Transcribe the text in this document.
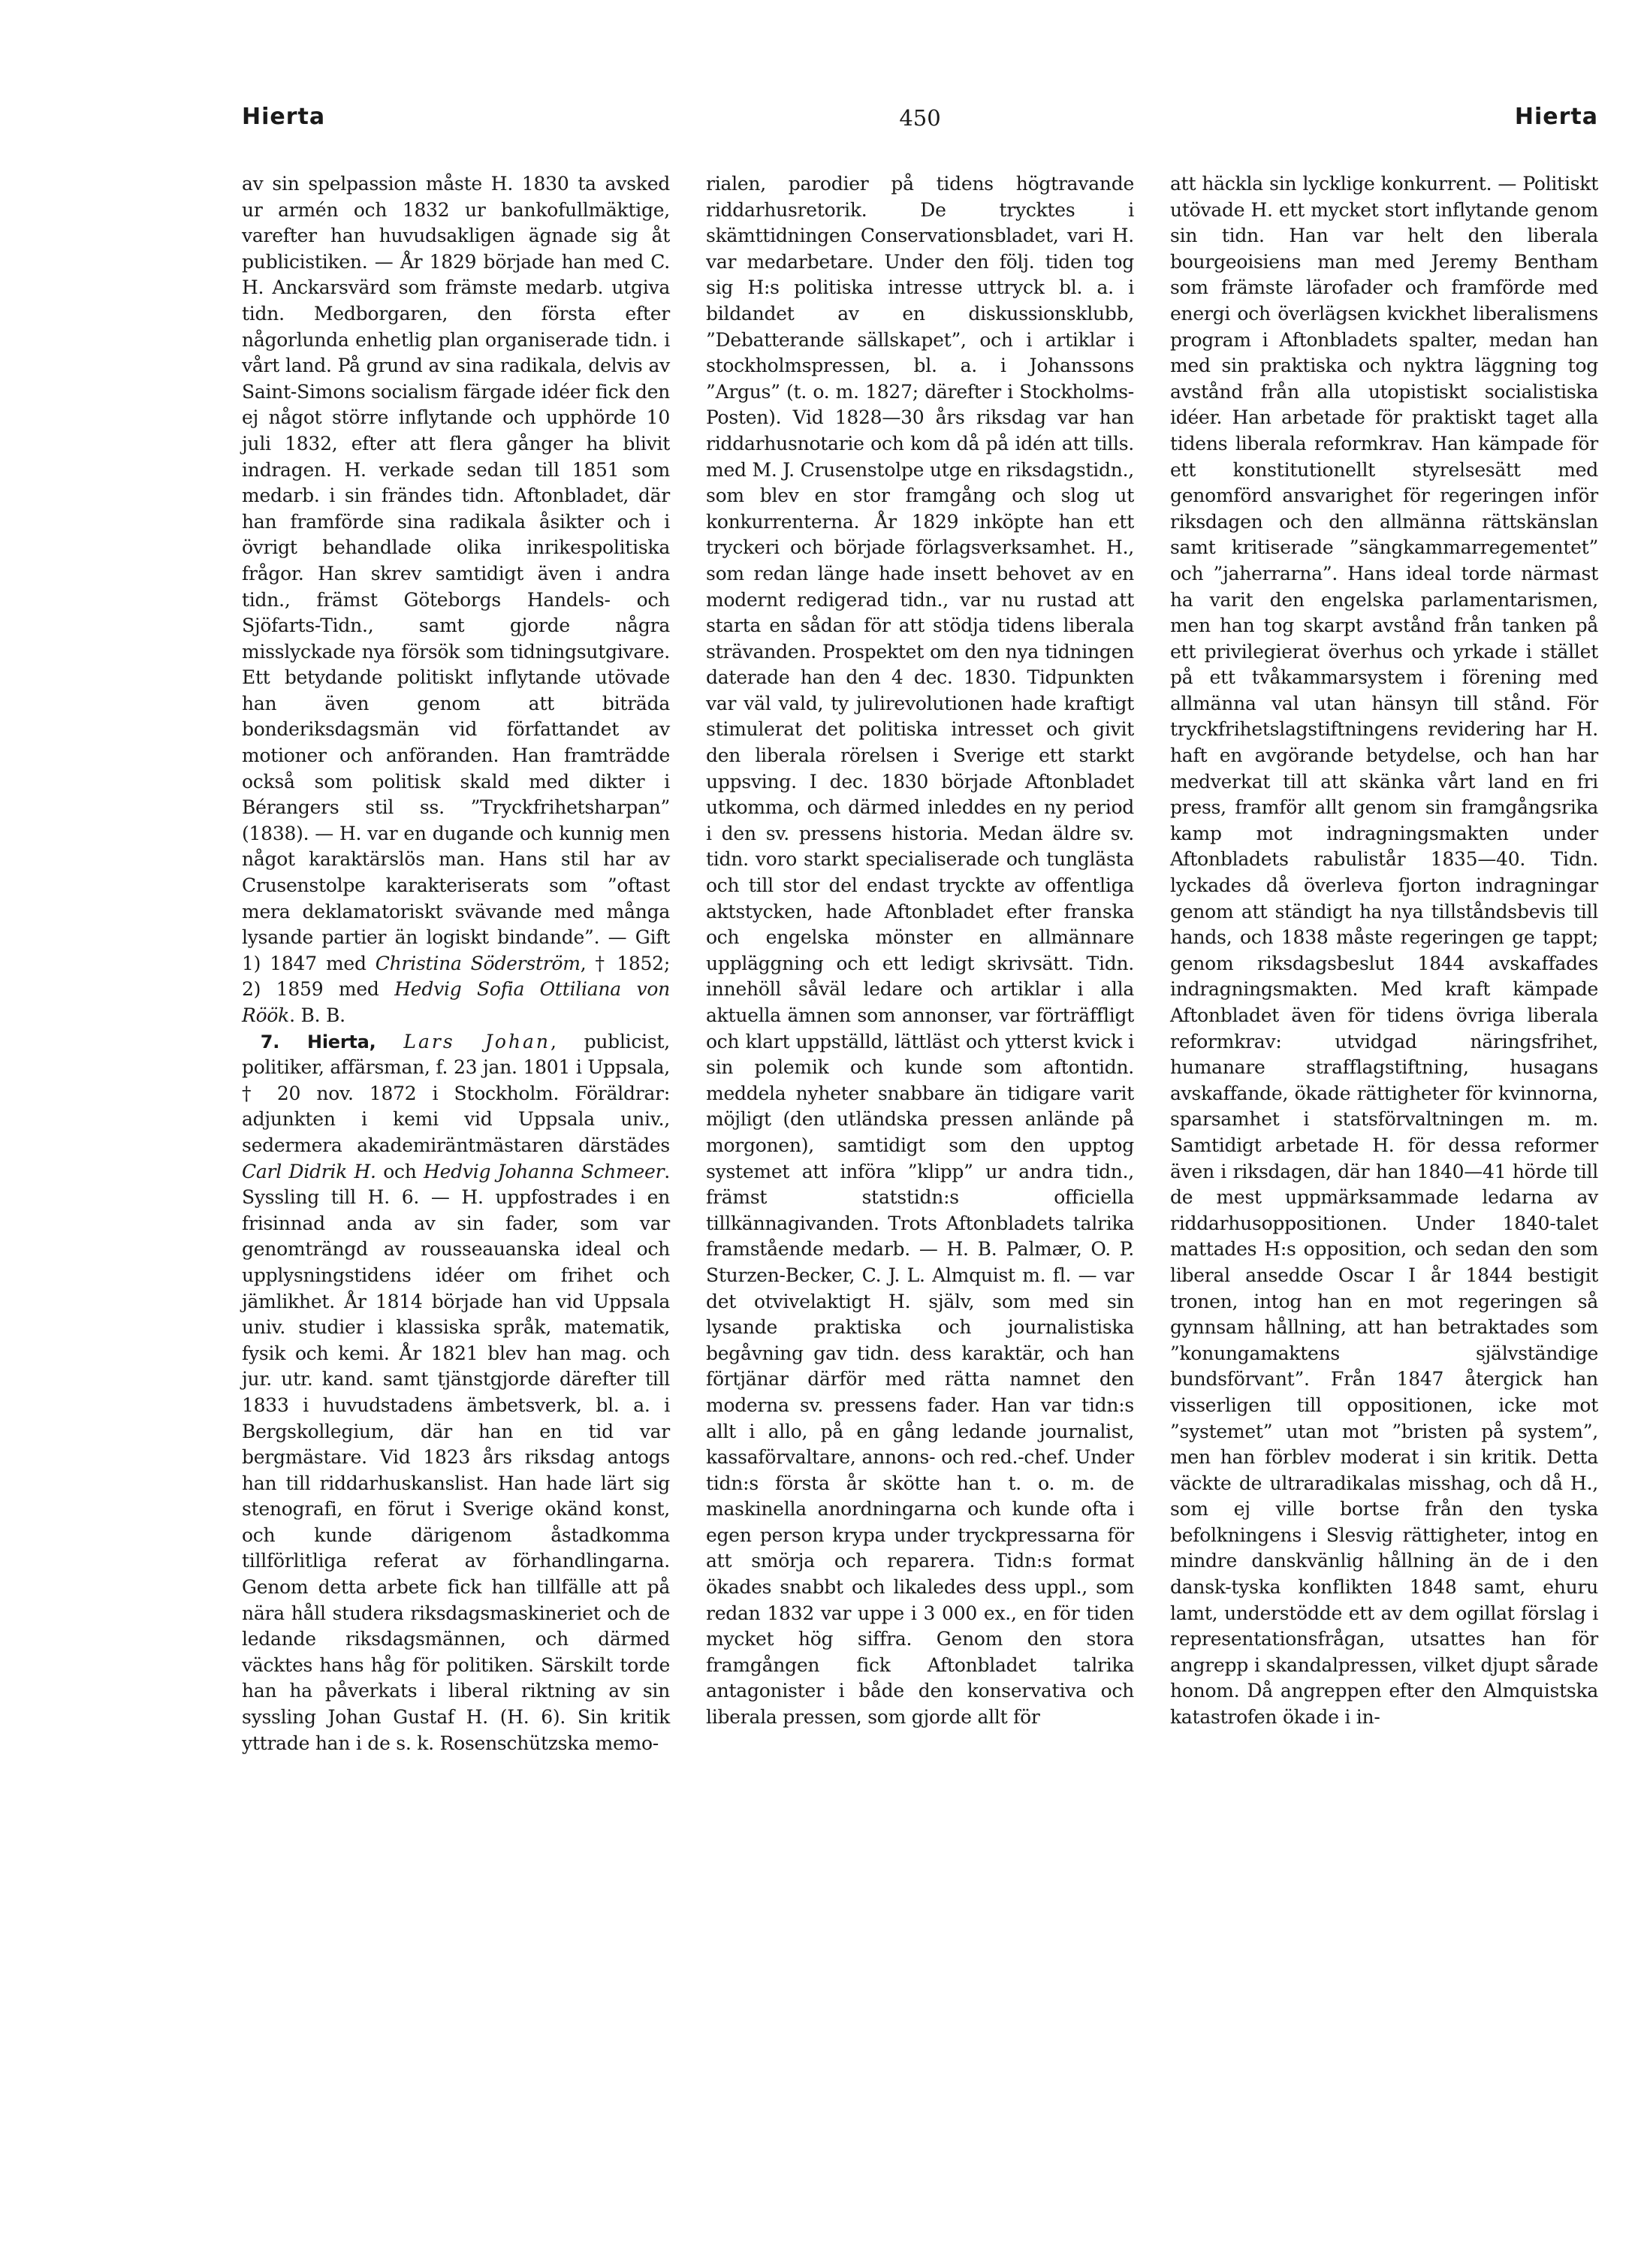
Hierta	450	Hierta

av sin spelpassion måste H. 1830 ta avsked ur armén och 1832 ur bankofullmäktige, varefter han huvudsakligen ägnade sig åt publicistiken. — År 1829 började han med C. H. Anckarsvärd som främste medarb. utgiva tidn. Medborgaren, den första efter någorlunda enhetlig plan organiserade tidn. i vårt land. På grund av sina radikala, delvis av Saint-Simons socialism färgade idéer fick den ej något större inflytande och upphörde 10 juli 1832, efter att flera gånger ha blivit indragen. H. verkade sedan till 1851 som medarb. i sin frändes tidn. Aftonbladet, där han framförde sina radikala åsikter och i övrigt behandlade olika inrikespolitiska frågor. Han skrev samtidigt även i andra tidn., främst Göteborgs Handels- och Sjöfarts-Tidn., samt gjorde några misslyckade nya försök som tidningsutgivare. Ett betydande politiskt inflytande utövade han även genom att biträda bonderiksdagsmän vid författandet av motioner och anföranden. Han framträdde också som politisk skald med dikter i Bérangers stil ss. ”Tryckfrihetsharpan” (1838). — H. var en dugande och kunnig men något karaktärslös man. Hans stil har av Crusenstolpe karakteriserats som ”oftast mera deklamatoriskt svävande med många lysande partier än logiskt bindande”. — Gift 1) 1847 med Christina Söderström, † 1852; 2) 1859 med Hedvig Sofia Ottiliana von Röök. B. B.

 7. Hierta, Lars Johan, publicist, politiker, affärsman, f. 23 jan. 1801 i Uppsala, † 20 nov. 1872 i Stockholm. Föräldrar: adjunkten i kemi vid Uppsala univ., sedermera akademiräntmästaren därstädes Carl Didrik H. och Hedvig Johanna Schmeer. Syssling till H. 6. — H. uppfostrades i en frisinnad anda av sin fader, som var genomträngd av rousseauanska ideal och upplysningstidens idéer om frihet och jämlikhet. År 1814 började han vid Uppsala univ. studier i klassiska språk, matematik, fysik och kemi. År 1821 blev han mag. och jur. utr. kand. samt tjänstgjorde därefter till 1833 i huvudstadens ämbetsverk, bl. a. i Bergskollegium, där han en tid var bergmästare. Vid 1823 års riksdag antogs han till riddarhuskanslist. Han hade lärt sig stenografi, en förut i Sverige okänd konst, och kunde därigenom åstadkomma tillförlitliga referat av förhandlingarna. Genom detta arbete fick han tillfälle att på nära håll studera riksdagsmaskineriet och de ledande riksdagsmännen, och därmed väcktes hans håg för politiken. Särskilt torde han ha påverkats i liberal riktning av sin syssling Johan Gustaf H. (H. 6). Sin kritik yttrade han i de s. k. Rosenschützska memo-

rialen, parodier på tidens högtravande riddarhusretorik. De trycktes i skämttidningen Conservationsbladet, vari H. var medarbetare. Under den följ. tiden tog sig H:s politiska intresse uttryck bl. a. i bildandet av en diskussionsklubb, ”Debatterande sällskapet”, och i artiklar i stockholmspressen, bl. a. i Johanssons ”Argus” (t. o. m. 1827; därefter i Stockholms-Posten). Vid 1828—30 års riksdag var han riddarhusnotarie och kom då på idén att tills. med M. J. Crusenstolpe utge en riksdagstidn., som blev en stor framgång och slog ut konkurrenterna. År 1829 inköpte han ett tryckeri och började förlagsverksamhet. H., som redan länge hade insett behovet av en modernt redigerad tidn., var nu rustad att starta en sådan för att stödja tidens liberala strävanden. Prospektet om den nya tidningen daterade han den 4 dec. 1830. Tidpunkten var väl vald, ty julirevolutionen hade kraftigt stimulerat det politiska intresset och givit den liberala rörelsen i Sverige ett starkt uppsving. I dec. 1830 började Aftonbladet utkomma, och därmed inleddes en ny period i den sv. pressens historia. Medan äldre sv. tidn. voro starkt specialiserade och tunglästa och till stor del endast tryckte av offentliga aktstycken, hade Aftonbladet efter franska och engelska mönster en allmännare uppläggning och ett ledigt skrivsätt. Tidn. innehöll såväl ledare och artiklar i alla aktuella ämnen som annonser, var förträffligt och klart uppställd, lättläst och ytterst kvick i sin polemik och kunde som aftontidn. meddela nyheter snabbare än tidigare varit möjligt (den utländska pressen anlände på morgonen), samtidigt som den upptog systemet att införa ”klipp” ur andra tidn., främst statstidn:s officiella tillkännagivanden. Trots Aftonbladets talrika framstående medarb. — H. B. Palmær, O. P. Sturzen-Becker, C. J. L. Almquist m. fl. — var det otvivelaktigt H. själv, som med sin lysande praktiska och journalistiska begåvning gav tidn. dess karaktär, och han förtjänar därför med rätta namnet den moderna sv. pressens fader. Han var tidn:s allt i allo, på en gång ledande journalist, kassaförvaltare, annons- och red.-chef. Under tidn:s första år skötte han t. o. m. de maskinella anordningarna och kunde ofta i egen person krypa under tryckpressarna för att smörja och reparera. Tidn:s format ökades snabbt och likaledes dess uppl., som redan 1832 var uppe i 3 000 ex., en för tiden mycket hög siffra. Genom den stora framgången fick Aftonbladet talrika antagonister i både den konservativa och liberala pressen, som gjorde allt för

att häckla sin lycklige konkurrent. — Politiskt utövade H. ett mycket stort inflytande genom sin tidn. Han var helt den liberala bourgeoisiens man med Jeremy Bentham som främste lärofader och framförde med energi och överlägsen kvickhet liberalismens program i Aftonbladets spalter, medan han med sin praktiska och nyktra läggning tog avstånd från alla utopistiskt socialistiska idéer. Han arbetade för praktiskt taget alla tidens liberala reformkrav. Han kämpade för ett konstitutionellt styrelsesätt med genomförd ansvarighet för regeringen inför riksdagen och den allmänna rättskänslan samt kritiserade ”sängkammarregementet” och ”jaherrarna”. Hans ideal torde närmast ha varit den engelska parlamentarismen, men han tog skarpt avstånd från tanken på ett privilegierat överhus och yrkade i stället på ett tvåkammarsystem i förening med allmänna val utan hänsyn till stånd. För tryckfrihetslagstiftningens revidering har H. haft en avgörande betydelse, och han har medverkat till att skänka vårt land en fri press, framför allt genom sin framgångsrika kamp mot indragningsmakten under Aftonbladets rabulistår 1835—40. Tidn. lyckades då överleva fjorton indragningar genom att ständigt ha nya tillståndsbevis till hands, och 1838 måste regeringen ge tappt; genom riksdagsbeslut 1844 avskaffades indragningsmakten. Med kraft kämpade Aftonbladet även för tidens övriga liberala reformkrav: utvidgad näringsfrihet, humanare strafflagstiftning, husagans avskaffande, ökade rättigheter för kvinnorna, sparsamhet i statsförvaltningen m. m. Samtidigt arbetade H. för dessa reformer även i riksdagen, där han 1840—41 hörde till de mest uppmärksammade ledarna av riddarhusoppositionen. Under 1840-talet mattades H:s opposition, och sedan den som liberal ansedde Oscar I år 1844 bestigit tronen, intog han en mot regeringen så gynnsam hållning, att han betraktades som ”konungamaktens självständige bundsförvant”. Från 1847 återgick han visserligen till oppositionen, icke mot ”systemet” utan mot ”bristen på system”, men han förblev moderat i sin kritik. Detta väckte de ultraradikalas misshag, och då H., som ej ville bortse från den tyska befolkningens i Slesvig rättigheter, intog en mindre danskvänlig hållning än de i den dansk-tyska konflikten 1848 samt, ehuru lamt, understödde ett av dem ogillat förslag i representationsfrågan, utsattes han för angrepp i skandalpressen, vilket djupt sårade honom. Då angreppen efter den Almquistska katastrofen ökade i in-
